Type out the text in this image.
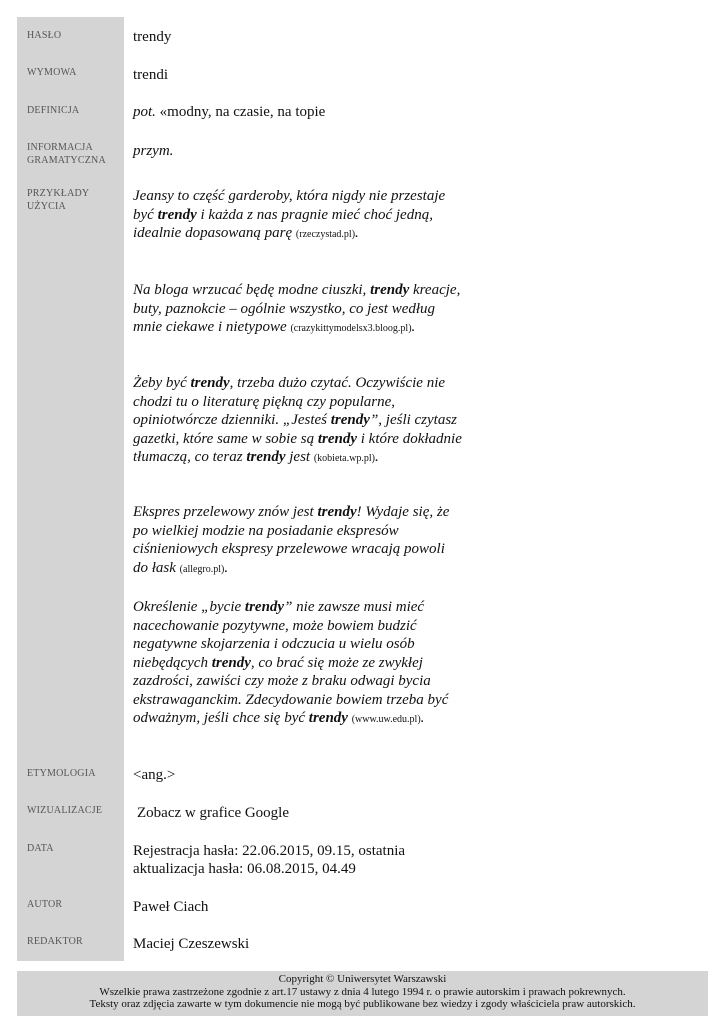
HASŁO
WYMOWA
DEFINICJA
INFORMACJA
GRAMATYCZNA
PRZYKŁADY
UŻYCIA
ETYMOLOGIA
WIZUALIZACJE
DATA
AUTOR
REDAKTOR
trendy
trendi
pot. «modny, na czasie, na topie
przym.
Jeansy to część garderoby, która nigdy nie przestaje być trendy i każda z nas pragnie mieć choć jedną, idealnie dopasowaną parę (rzeczystad.pl).
Na bloga wrzucać będę modne ciuszki, trendy kreacje, buty, paznokcie – ogólnie wszystko, co jest według mnie ciekawe i nietypowe (crazykittymodelsx3.bloog.pl).
Żeby być trendy, trzeba dużo czytać. Oczywiście nie chodzi tu o literaturę piękną czy popularne, opiniotwórcze dzienniki. „Jesteś trendy”, jeśli czytasz gazetki, które same w sobie są trendy i które dokładnie tłumaczą, co teraz trendy jest (kobieta.wp.pl).
Ekspres przelewowy znów jest trendy! Wydaje się, że po wielkiej modzie na posiadanie ekspresów ciśnieniowych ekspresy przelewowe wracają powoli do łask (allegro.pl).
Określenie „bycie trendy” nie zawsze musi mieć nacechowanie pozytywne, może bowiem budzić negatywne skojarzenia i odczucia u wielu osób niebędących trendy, co brać się może ze zwykłej zazdrości, zawiści czy może z braku odwagi bycia ekstrawaganckim. Zdecydowanie bowiem trzeba być odważnym, jeśli chce się być trendy (www.uw.edu.pl).
<ang.>
Zobacz w grafice Google
Rejestracja hasła: 22.06.2015, 09.15, ostatnia
aktualizacja hasła: 06.08.2015, 04.49
Paweł Ciach
Maciej Czeszewski
Copyright © Uniwersytet Warszawski
Wszelkie prawa zastrzeżone zgodnie z art.17 ustawy z dnia 4 lutego 1994 r. o prawie autorskim i prawach pokrewnych.
Teksty oraz zdjęcia zawarte w tym dokumencie nie mogą być publikowane bez wiedzy i zgody właściciela praw autorskich.
